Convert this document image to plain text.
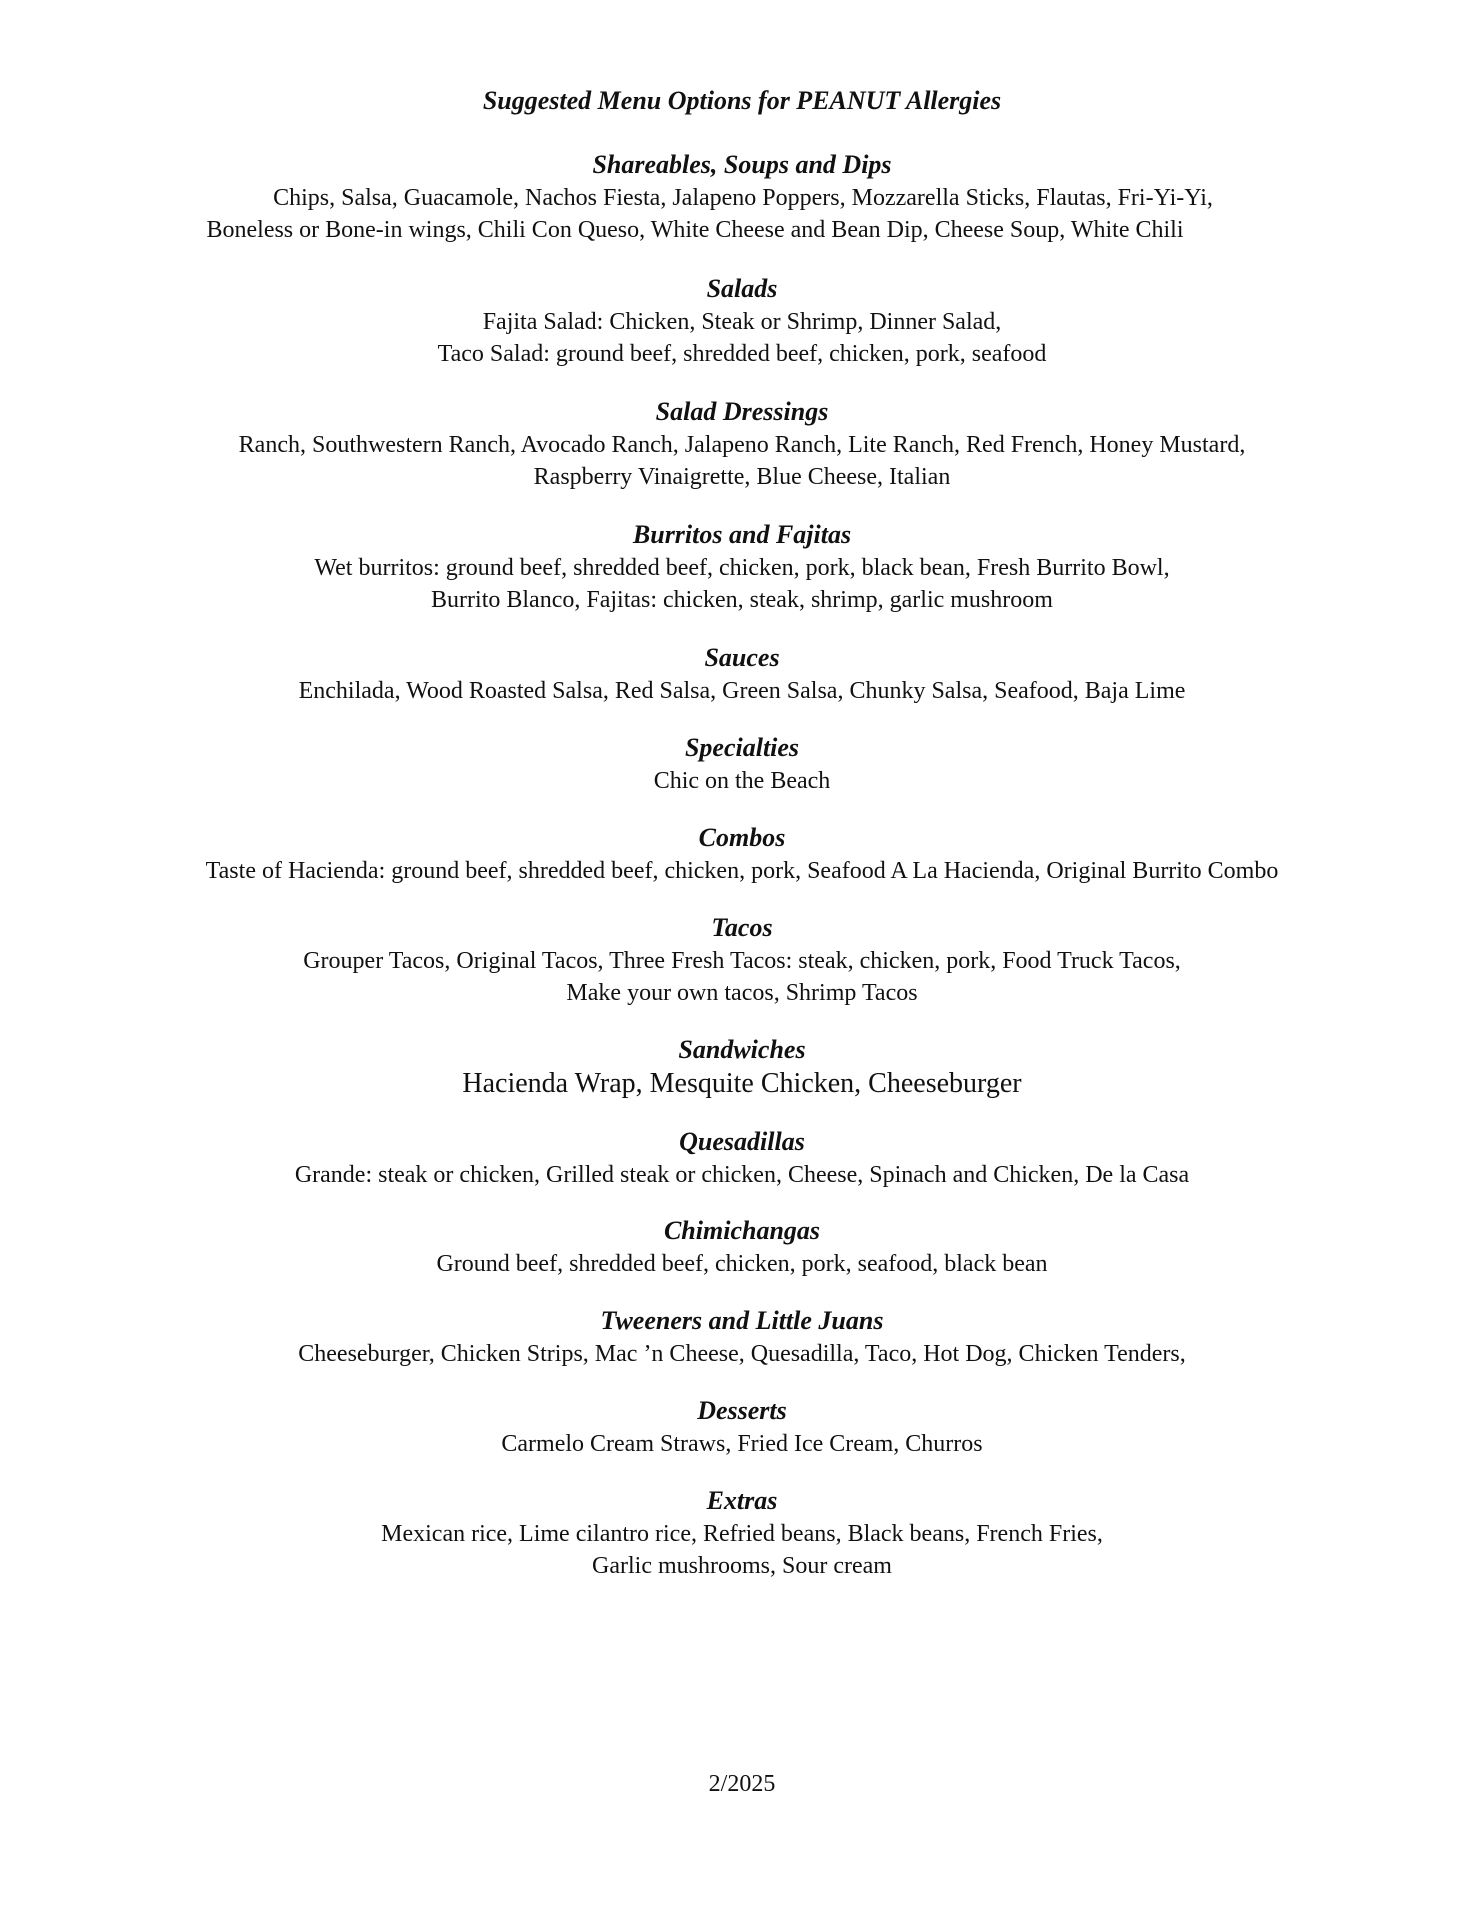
Suggested Menu Options for PEANUT Allergies

Shareables, Soups and Dips

Chips, Salsa, Guacamole, Nachos Fiesta, Jalapeno Poppers, Mozzarella Sticks, Flautas, Fri-Yi-Yi,

Boneless or Bone-in wings, Chili Con Queso, White Cheese and Bean Dip, Cheese Soup, White Chili

Salads

Fajita Salad: Chicken, Steak or Shrimp, Dinner Salad,

Taco Salad: ground beef, shredded beef, chicken, pork, seafood

Salad Dressings

Ranch, Southwestern Ranch, Avocado Ranch, Jalapeno Ranch, Lite Ranch, Red French, Honey Mustard,

Raspberry Vinaigrette, Blue Cheese, Italian

Burritos and Fajitas

Wet burritos: ground beef, shredded beef, chicken, pork, black bean, Fresh Burrito Bowl,

Burrito Blanco, Fajitas: chicken, steak, shrimp, garlic mushroom

Sauces

Enchilada, Wood Roasted Salsa, Red Salsa, Green Salsa, Chunky Salsa, Seafood, Baja Lime

Specialties

Chic on the Beach

Combos

Taste of Hacienda: ground beef, shredded beef, chicken, pork, Seafood A La Hacienda, Original Burrito Combo

Tacos

Grouper Tacos, Original Tacos, Three Fresh Tacos: steak, chicken, pork, Food Truck Tacos,

Make your own tacos, Shrimp Tacos

Sandwiches

Hacienda Wrap, Mesquite Chicken, Cheeseburger

Quesadillas

Grande: steak or chicken, Grilled steak or chicken, Cheese, Spinach and Chicken, De la Casa

Chimichangas

Ground beef, shredded beef, chicken, pork, seafood, black bean

Tweeners and Little Juans

Cheeseburger, Chicken Strips, Mac ’n Cheese, Quesadilla, Taco, Hot Dog, Chicken Tenders,

Desserts

Carmelo Cream Straws, Fried Ice Cream, Churros

Extras

Mexican rice, Lime cilantro rice, Refried beans, Black beans, French Fries,

Garlic mushrooms, Sour cream

2/2025
